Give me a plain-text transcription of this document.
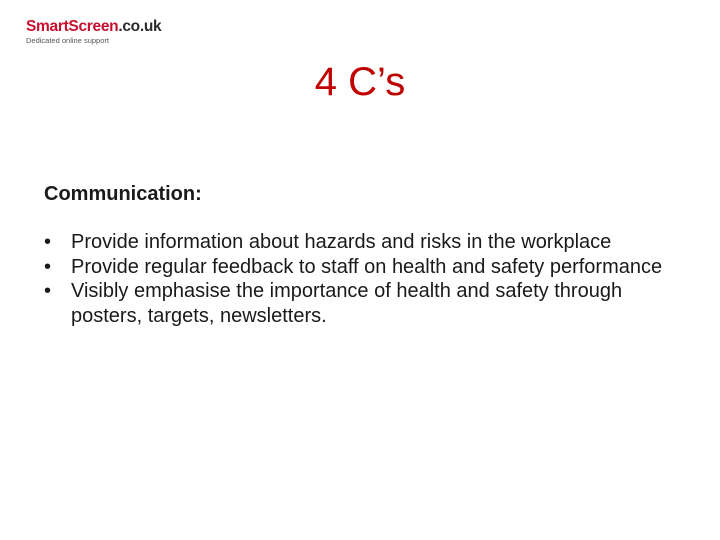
SmartScreen.co.uk
Dedicated online support
4 C’s
Communication:
• Provide information about hazards and risks in the workplace
• Provide regular feedback to staff on health and safety performance
• Visibly emphasise the importance of health and safety through posters, targets, newsletters.
